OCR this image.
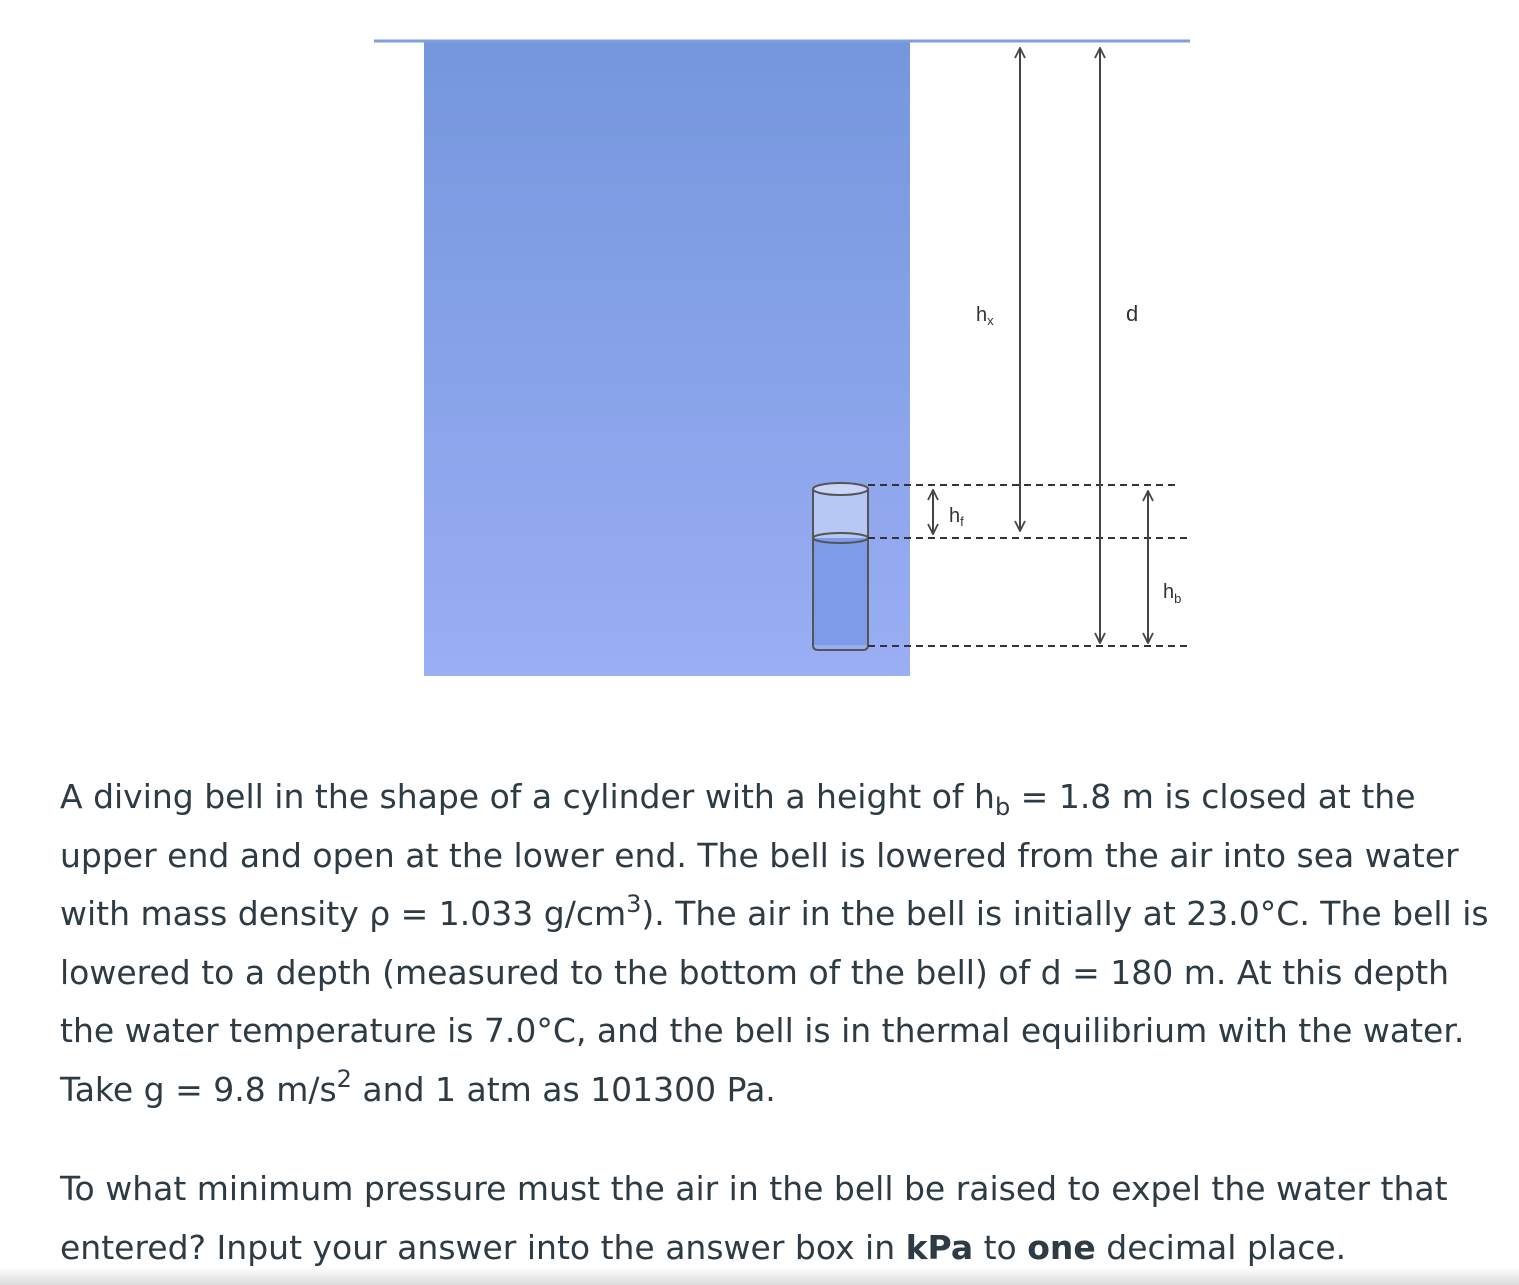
$h_x$	d
$h_f$
$h_b$

A diving bell in the shape of a cylinder with a height of $h_b = 1.8$ m is closed at the upper end and open at the lower end. The bell is lowered from the air into sea water with mass density ρ = 1.033 $g/cm^3$). The air in the bell is initially at 23.0°C. The bell is lowered to a depth (measured to the bottom of the bell) of d = 180 m. At this depth the water temperature is 7.0°C, and the bell is in thermal equilibrium with the water. Take g = 9.8 $m/s^2$ and 1 atm as 101300 Pa.

To what minimum pressure must the air in the bell be raised to expel the water that entered? Input your answer into the answer box in kPa to one decimal place.
